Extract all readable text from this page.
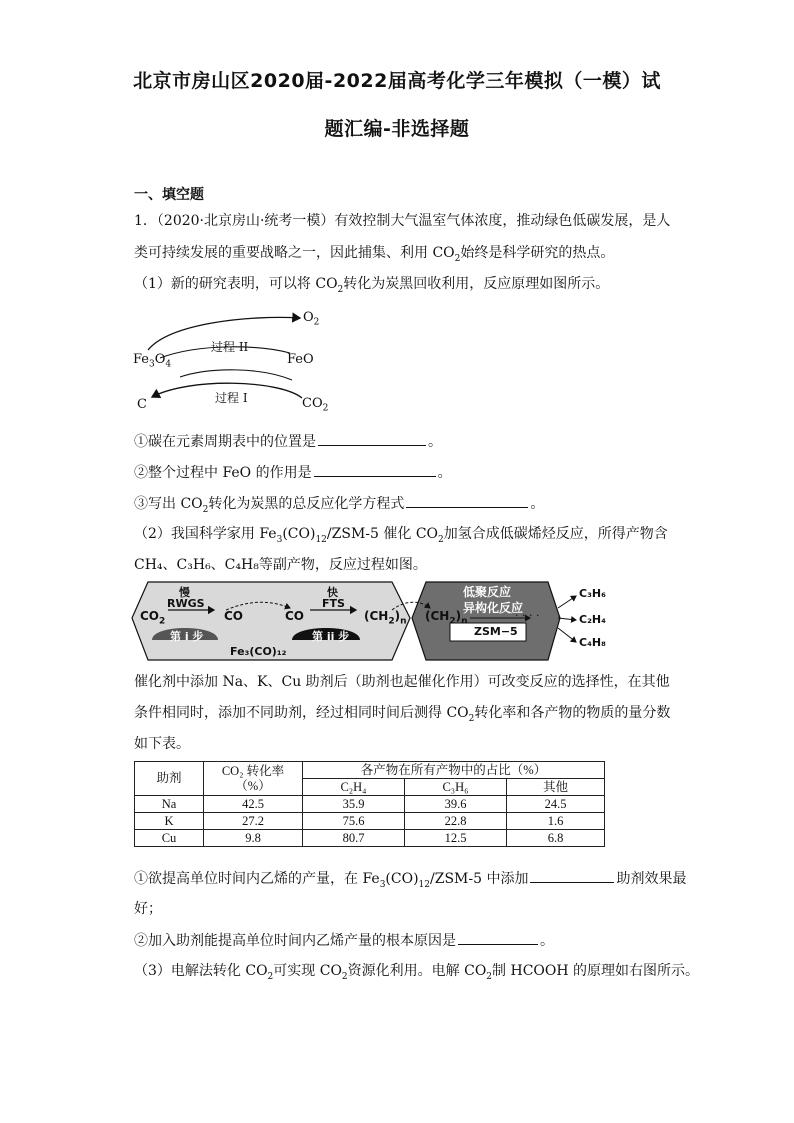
北京市房山区2020届-2022届高考化学三年模拟（一模）试
题汇编-非选择题
一、填空题
1．（2020·北京房山·统考一模）有效控制大气温室气体浓度，推动绿色低碳发展，是人
类可持续发展的重要战略之一，因此捕集、利用 $CO_2$始终是科学研究的热点。
（1）新的研究表明，可以将 $CO_2$转化为炭黑回收利用，反应原理如图所示。
$O_2$
$Fe_3O_4$	FeO
过程 II
过程 I
C	$CO_2$
①碳在元素周期表中的位置是	。
②整个过程中 FeO 的作用是	。
③写出 $CO_2$转化为炭黑的总反应化学方程式	。
（2）我国科学家用 $Fe_3(CO)_{12}/ZSM-5$ 催化 $CO_2$加氢合成低碳烯烃反应，所得产物含
CH₄、C₃H₆、C₄H₈等副产物，反应过程如图。
慢	快
RWGS	FTS
$CO_2$	CO	CO	$(CH_2)_n$ $(CH_2)_n$
第 i 步	第 ii 步
Fe₃(CO)₁₂
低聚反应
异构化反应
ZSM−5
· · · ·
C₃H₆
C₂H₄
C₄H₈
催化剂中添加 Na、K、Cu 助剂后（助剂也起催化作用）可改变反应的选择性，在其他
条件相同时，添加不同助剂，经过相同时间后测得 $CO_2$转化率和各产物的物质的量分数
如下表。
助剂	CO₂ 转化率
（%）	各产物在所有产物中的占比（%）		
		C₂H₄	C₃H₆	其他
Na	42.5	35.9	39.6	24.5
K	27.2	75.6	22.8	1.6
Cu	9.8	80.7	12.5	6.8
①欲提高单位时间内乙烯的产量，在 $Fe_3(CO)_{12}/ZSM-5$ 中添加	助剂效果最
好；
②加入助剂能提高单位时间内乙烯产量的根本原因是	。
（3）电解法转化 $CO_2$可实现 $CO_2$资源化利用。电解 $CO_2$制 HCOOH 的原理如右图所示。
